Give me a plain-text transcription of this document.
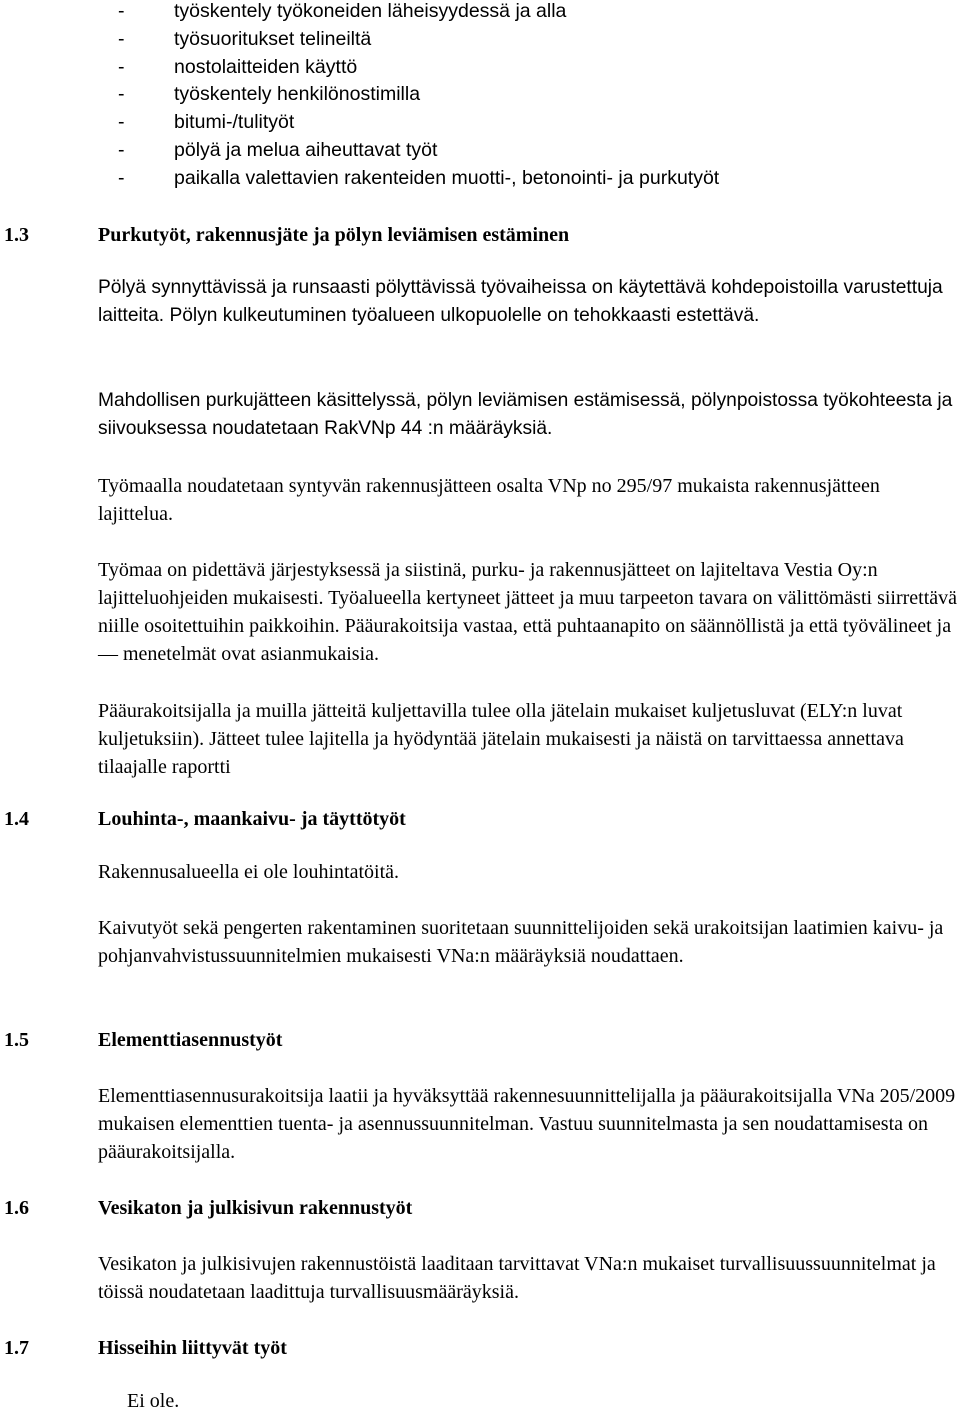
-	työskentely työkoneiden läheisyydessä ja alla
-	työsuoritukset telineiltä
-	nostolaitteiden käyttö
-	työskentely henkilönostimilla
-	bitumi-/tulityöt
-	pölyä ja melua aiheuttavat työt
-	paikalla valettavien rakenteiden muotti-, betonointi- ja purkutyöt
1.3	Purkutyöt, rakennusjäte ja pölyn leviämisen estäminen

Pölyä synnyttävissä ja runsaasti pölyttävissä työvaiheissa on käytettävä kohdepoistoilla varustettuja laitteita. Pölyn kulkeutuminen työalueen ulkopuolelle on tehokkaasti estettävä.

Mahdollisen purkujätteen käsittelyssä, pölyn leviämisen estämisessä, pölynpoistossa työkohteesta ja siivouksessa noudatetaan RakVNp 44 :n määräyksiä.

Työmaalla noudatetaan syntyvän rakennusjätteen osalta VNp no 295/97 mukaista rakennusjätteen lajittelua.

Työmaa on pidettävä järjestyksessä ja siistinä, purku- ja rakennusjätteet on lajiteltava Vestia Oy:n lajitteluohjeiden mukaisesti. Työalueella kertyneet jätteet ja muu tarpeeton tavara on välittömästi siirrettävä niille osoitettuihin paikkoihin. Pääurakoitsija vastaa, että puhtaanapito on säännöllistä ja että työvälineet ja — menetelmät ovat asianmukaisia.

Pääurakoitsijalla ja muilla jätteitä kuljettavilla tulee olla jätelain mukaiset kuljetusluvat (ELY:n luvat kuljetuksiin). Jätteet tulee lajitella ja hyödyntää jätelain mukaisesti ja näistä on tarvittaessa annettava tilaajalle raportti

1.4	Louhinta-, maankaivu- ja täyttötyöt

Rakennusalueella ei ole louhintatöitä.

Kaivutyöt sekä pengerten rakentaminen suoritetaan suunnittelijoiden sekä urakoitsijan laatimien kaivu- ja pohjanvahvistussuunnitelmien mukaisesti VNa:n määräyksiä noudattaen.

1.5	Elementtiasennustyöt

Elementtiasennusurakoitsija laatii ja hyväksyttää rakennesuunnittelijalla ja pääurakoitsijalla VNa 205/2009 mukaisen elementtien tuenta- ja asennussuunnitelman. Vastuu suunnitelmasta ja sen noudattamisesta on pääurakoitsijalla.

1.6	Vesikaton ja julkisivun rakennustyöt

Vesikaton ja julkisivujen rakennustöistä laaditaan tarvittavat VNa:n mukaiset turvallisuussuunnitelmat ja töissä noudatetaan laadittuja turvallisuusmääräyksiä.

1.7	Hisseihin liittyvät työt

Ei ole.
